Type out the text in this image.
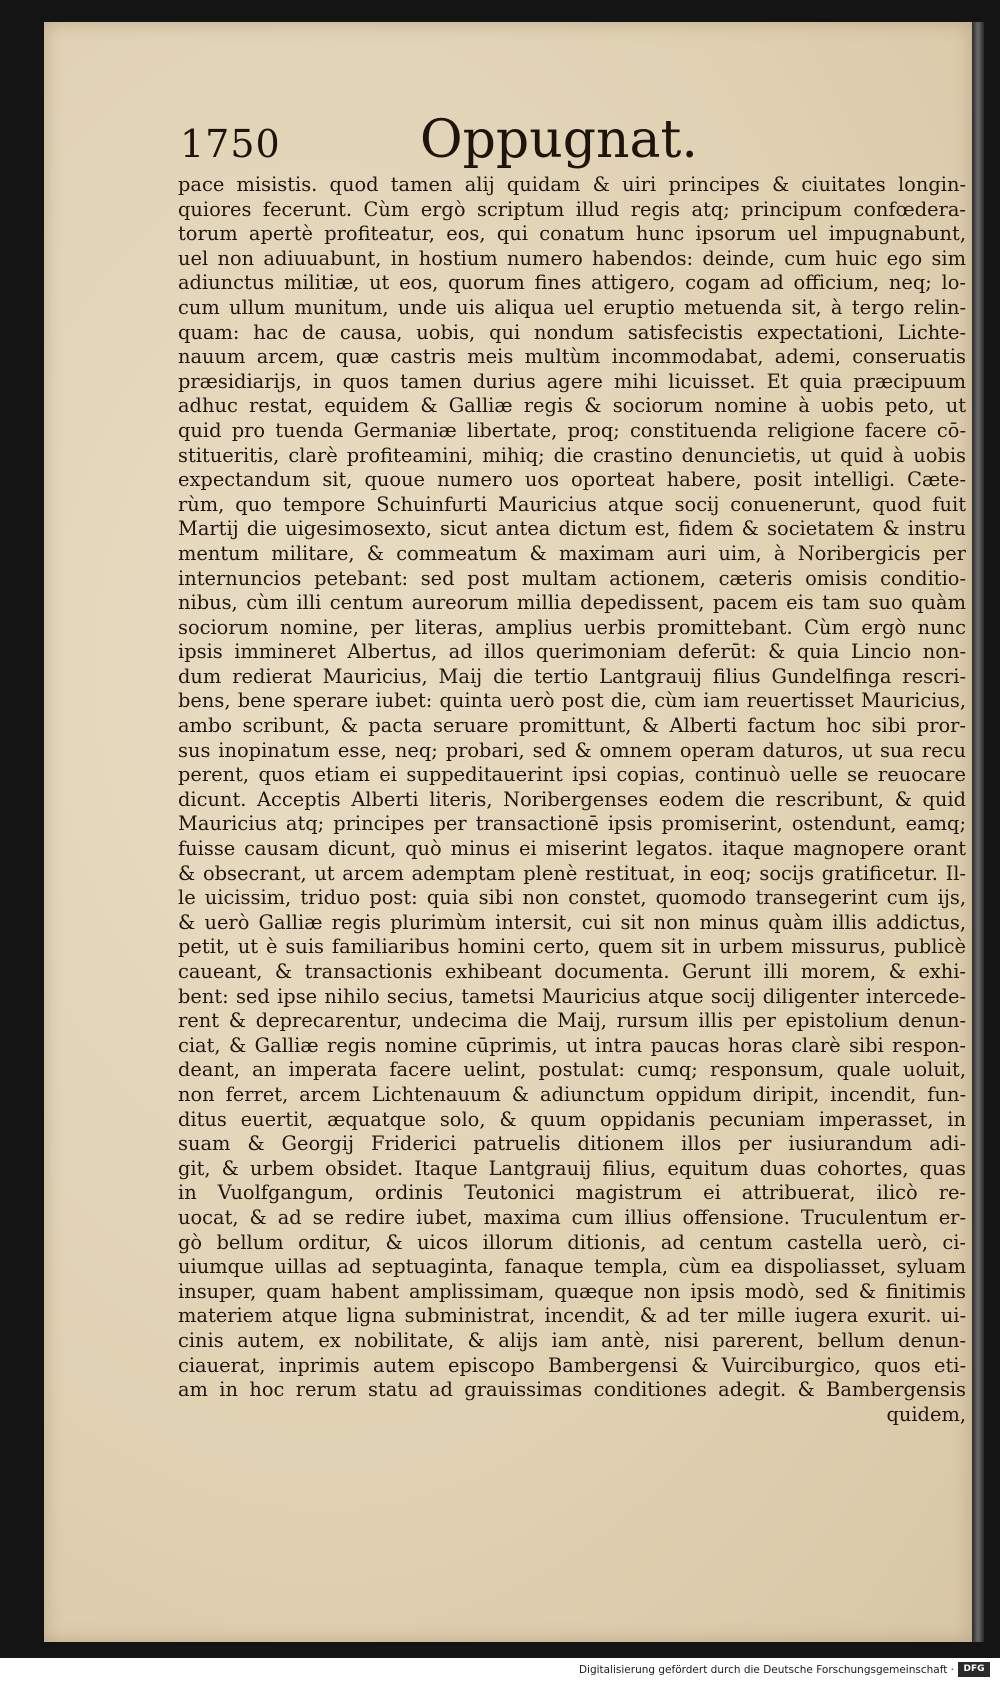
1750	Oppugnat.
pace misistis. quod tamen alij quidam & uiri principes & ciuitates longin-
quiores fecerunt. Cùm ergò scriptum illud regis atq; principum confœdera-
torum apertè profiteatur, eos, qui conatum hunc ipsorum uel impugnabunt,
uel non adiuuabunt, in hostium numero habendos: deinde, cum huic ego sim
adiunctus militiæ, ut eos, quorum fines attigero, cogam ad officium, neq; lo-
cum ullum munitum, unde uis aliqua uel eruptio metuenda sit, à tergo relin-
quam: hac de causa, uobis, qui nondum satisfecistis expectationi, Lichte-
nauum arcem, quæ castris meis multùm incommodabat, ademi, conseruatis
præsidiarijs, in quos tamen durius agere mihi licuisset. Et quia præcipuum
adhuc restat, equidem & Galliæ regis & sociorum nomine à uobis peto, ut
quid pro tuenda Germaniæ libertate, proq; constituenda religione facere cō-
stitueritis, clarè profiteamini, mihiq; die crastino denuncietis, ut quid à uobis
expectandum sit, quoue numero uos oporteat habere, posit intelligi. Cæte-
rùm, quo tempore Schuinfurti Mauricius atque socij conuenerunt, quod fuit
Martij die uigesimosexto, sicut antea dictum est, fidem & societatem & instru
mentum militare, & commeatum & maximam auri uim, à Noribergicis per
internuncios petebant: sed post multam actionem, cæteris omisis conditio-
nibus, cùm illi centum aureorum millia depedissent, pacem eis tam suo quàm
sociorum nomine, per literas, amplius uerbis promittebant. Cùm ergò nunc
ipsis immineret Albertus, ad illos querimoniam deferūt: & quia Lincio non-
dum redierat Mauricius, Maij die tertio Lantgrauij filius Gundelfinga rescri-
bens, bene sperare iubet: quinta uerò post die, cùm iam reuertisset Mauricius,
ambo scribunt, & pacta seruare promittunt, & Alberti factum hoc sibi pror-
sus inopinatum esse, neq; probari, sed & omnem operam daturos, ut sua recu
perent, quos etiam ei suppeditauerint ipsi copias, continuò uelle se reuocare
dicunt. Acceptis Alberti literis, Noribergenses eodem die rescribunt, & quid
Mauricius atq; principes per transactionē ipsis promiserint, ostendunt, eamq;
fuisse causam dicunt, quò minus ei miserint legatos. itaque magnopere orant
& obsecrant, ut arcem ademptam plenè restituat, in eoq; socijs gratificetur. Il-
le uicissim, triduo post: quia sibi non constet, quomodo transegerint cum ijs,
& uerò Galliæ regis plurimùm intersit, cui sit non minus quàm illis addictus,
petit, ut è suis familiaribus homini certo, quem sit in urbem missurus, publicè
caueant, & transactionis exhibeant documenta. Gerunt illi morem, & exhi-
bent: sed ipse nihilo secius, tametsi Mauricius atque socij diligenter intercede-
rent & deprecarentur, undecima die Maij, rursum illis per epistolium denun-
ciat, & Galliæ regis nomine cūprimis, ut intra paucas horas clarè sibi respon-
deant, an imperata facere uelint, postulat: cumq; responsum, quale uoluit,
non ferret, arcem Lichtenauum & adiunctum oppidum diripit, incendit, fun-
ditus euertit, æquatque solo, & quum oppidanis pecuniam imperasset, in
suam & Georgij Friderici patruelis ditionem illos per iusiurandum adi-
git, & urbem obsidet. Itaque Lantgrauij filius, equitum duas cohortes, quas
in Vuolfgangum, ordinis Teutonici magistrum ei attribuerat, ilicò re-
uocat, & ad se redire iubet, maxima cum illius offensione. Truculentum er-
gò bellum orditur, & uicos illorum ditionis, ad centum castella uerò, ci-
uiumque uillas ad septuaginta, fanaque templa, cùm ea dispoliasset, syluam
insuper, quam habent amplissimam, quæque non ipsis modò, sed & finitimis
materiem atque ligna subministrat, incendit, & ad ter mille iugera exurit. ui-
cinis autem, ex nobilitate, & alijs iam antè, nisi parerent, bellum denun-
ciauerat, inprimis autem episcopo Bambergensi & Vuirciburgico, quos eti-
am in hoc rerum statu ad grauissimas conditiones adegit. & Bambergensis
quidem,
Digitalisierung gefördert durch die Deutsche Forschungsgemeinschaft ·	DFG
